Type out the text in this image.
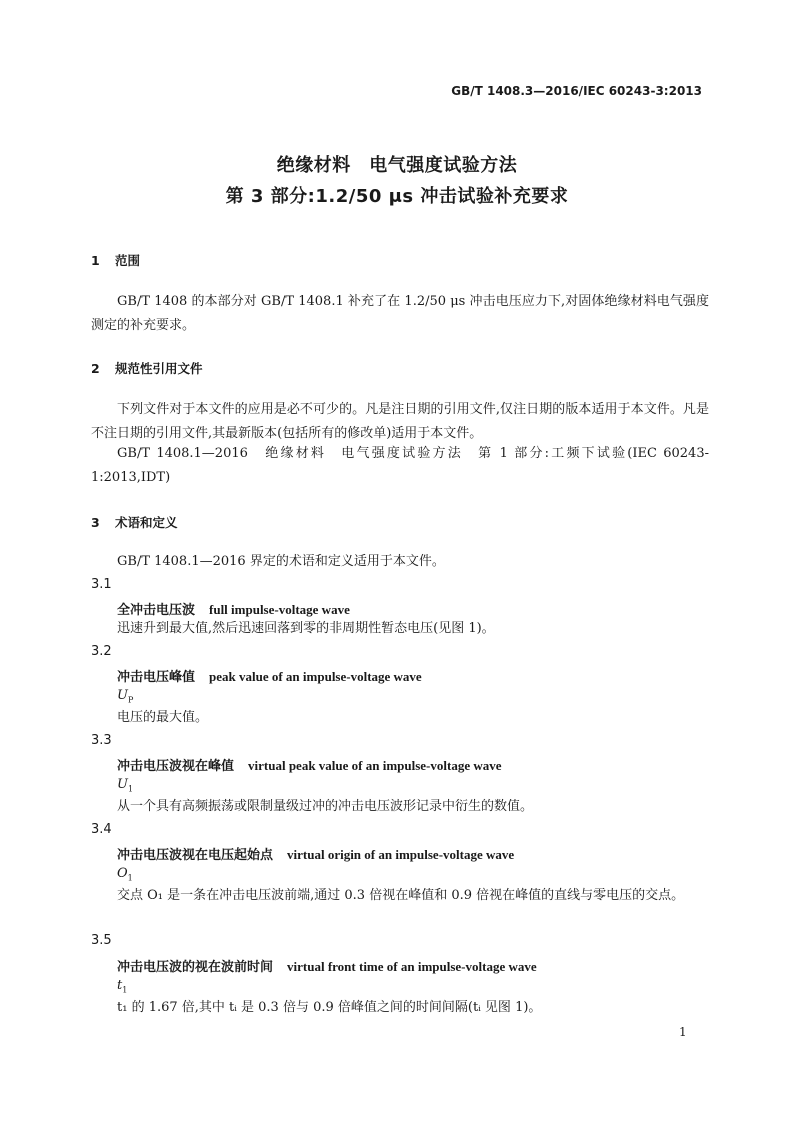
GB/T 1408.3—2016/IEC 60243-3:2013
绝缘材料　电气强度试验方法
第 3 部分:1.2/50 μs 冲击试验补充要求
1 范围
GB/T 1408 的本部分对 GB/T 1408.1 补充了在 1.2/50 μs 冲击电压应力下,对固体绝缘材料电气强度测定的补充要求。
2 规范性引用文件
下列文件对于本文件的应用是必不可少的。凡是注日期的引用文件,仅注日期的版本适用于本文件。凡是不注日期的引用文件,其最新版本(包括所有的修改单)适用于本文件。
GB/T 1408.1—2016　绝缘材料　电气强度试验方法　第 1 部分:工频下试验(IEC 60243-1:2013,IDT)
3 术语和定义
GB/T 1408.1—2016 界定的术语和定义适用于本文件。
3.1
全冲击电压波 full impulse-voltage wave
迅速升到最大值,然后迅速回落到零的非周期性暂态电压(见图 1)。
3.2
冲击电压峰值 peak value of an impulse-voltage wave
$U_P$
电压的最大值。
3.3
冲击电压波视在峰值 virtual peak value of an impulse-voltage wave
$U_1$
从一个具有高频振荡或限制量级过冲的冲击电压波形记录中衍生的数值。
3.4
冲击电压波视在电压起始点 virtual origin of an impulse-voltage wave
$O_1$
交点 O₁ 是一条在冲击电压波前端,通过 0.3 倍视在峰值和 0.9 倍视在峰值的直线与零电压的交点。
3.5
冲击电压波的视在波前时间 virtual front time of an impulse-voltage wave
$t_1$
t₁ 的 1.67 倍,其中 tᵢ 是 0.3 倍与 0.9 倍峰值之间的时间间隔(tᵢ 见图 1)。
1
